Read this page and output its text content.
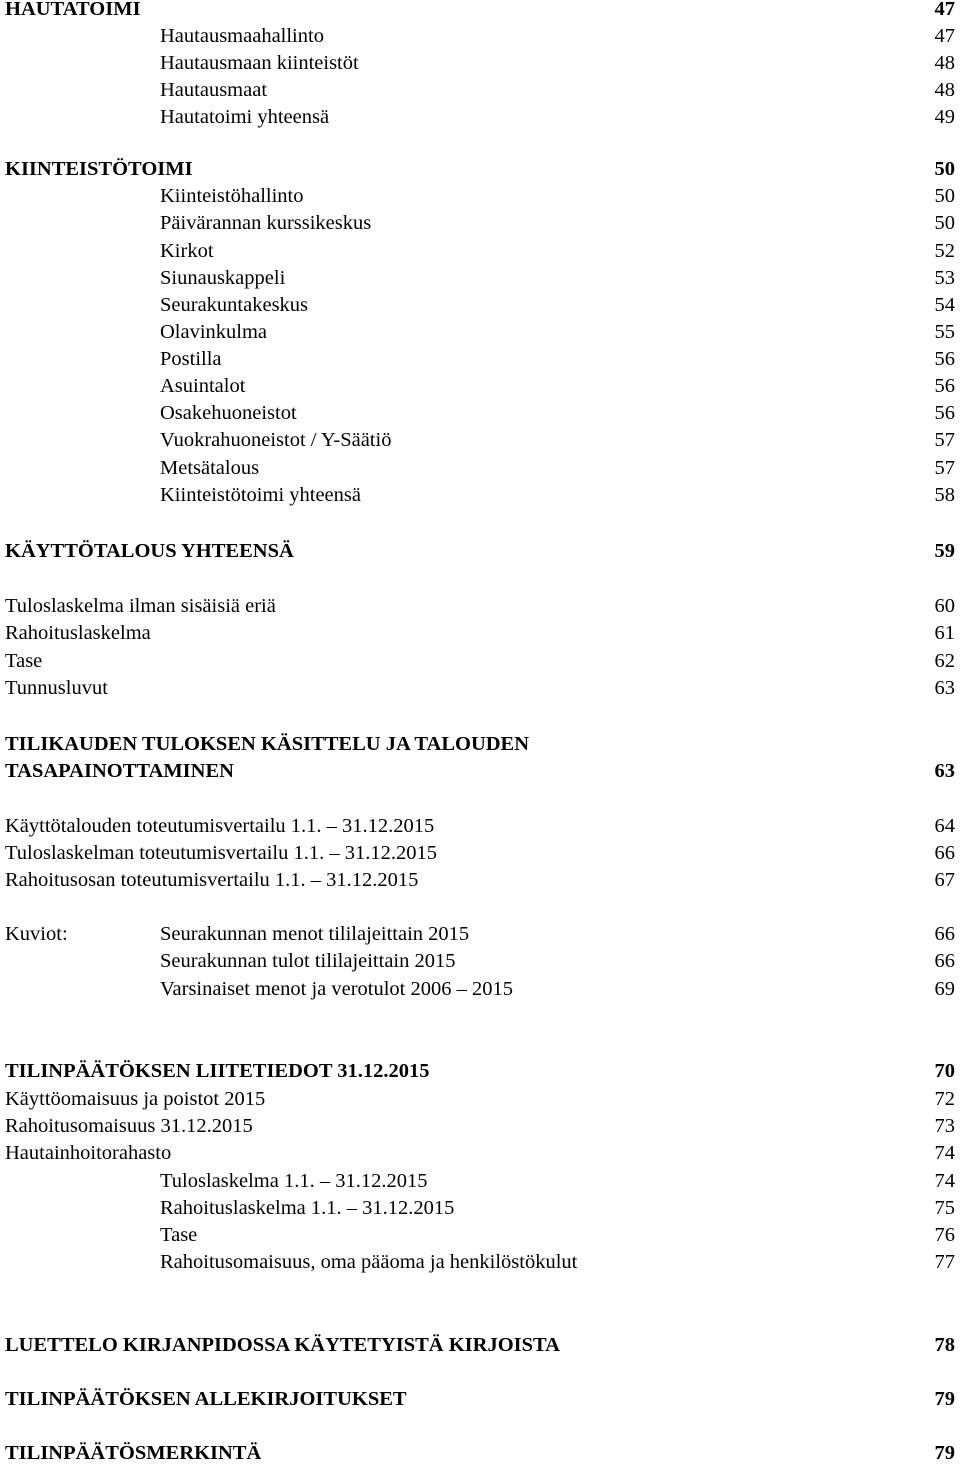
HAUTATOIMI	47
Hautausmaahallinto	47
Hautausmaan kiinteistöt	48
Hautausmaat	48
Hautatoimi yhteensä	49
KIINTEISTÖTOIMI	50
Kiinteistöhallinto	50
Päivärannan kurssikeskus	50
Kirkot	52
Siunauskappeli	53
Seurakuntakeskus	54
Olavinkulma	55
Postilla	56
Asuintalot	56
Osakehuoneistot	56
Vuokrahuoneistot / Y-Säätiö	57
Metsätalous	57
Kiinteistötoimi yhteensä	58
KÄYTTÖTALOUS YHTEENSÄ	59
Tuloslaskelma ilman sisäisiä eriä	60
Rahoituslaskelma	61
Tase	62
Tunnusluvut	63
TILIKAUDEN TULOKSEN KÄSITTELU JA TALOUDEN
TASAPAINOTTAMINEN	63
Käyttötalouden toteutumisvertailu 1.1. – 31.12.2015	64
Tuloslaskelman toteutumisvertailu 1.1. – 31.12.2015	66
Rahoitusosan toteutumisvertailu 1.1. – 31.12.2015	67
Kuviot:	Seurakunnan menot tililajeittain 2015	66
Seurakunnan tulot tililajeittain 2015	66
Varsinaiset menot ja verotulot 2006 – 2015	69
TILINPÄÄTÖKSEN LIITETIEDOT 31.12.2015	70
Käyttöomaisuus ja poistot 2015	72
Rahoitusomaisuus 31.12.2015	73
Hautainhoitorahasto	74
Tuloslaskelma 1.1. – 31.12.2015	74
Rahoituslaskelma 1.1. – 31.12.2015	75
Tase	76
Rahoitusomaisuus, oma pääoma ja henkilöstökulut	77
LUETTELO KIRJANPIDOSSA KÄYTETYISTÄ KIRJOISTA	78
TILINPÄÄTÖKSEN ALLEKIRJOITUKSET	79
TILINPÄÄTÖSMERKINTÄ	79
